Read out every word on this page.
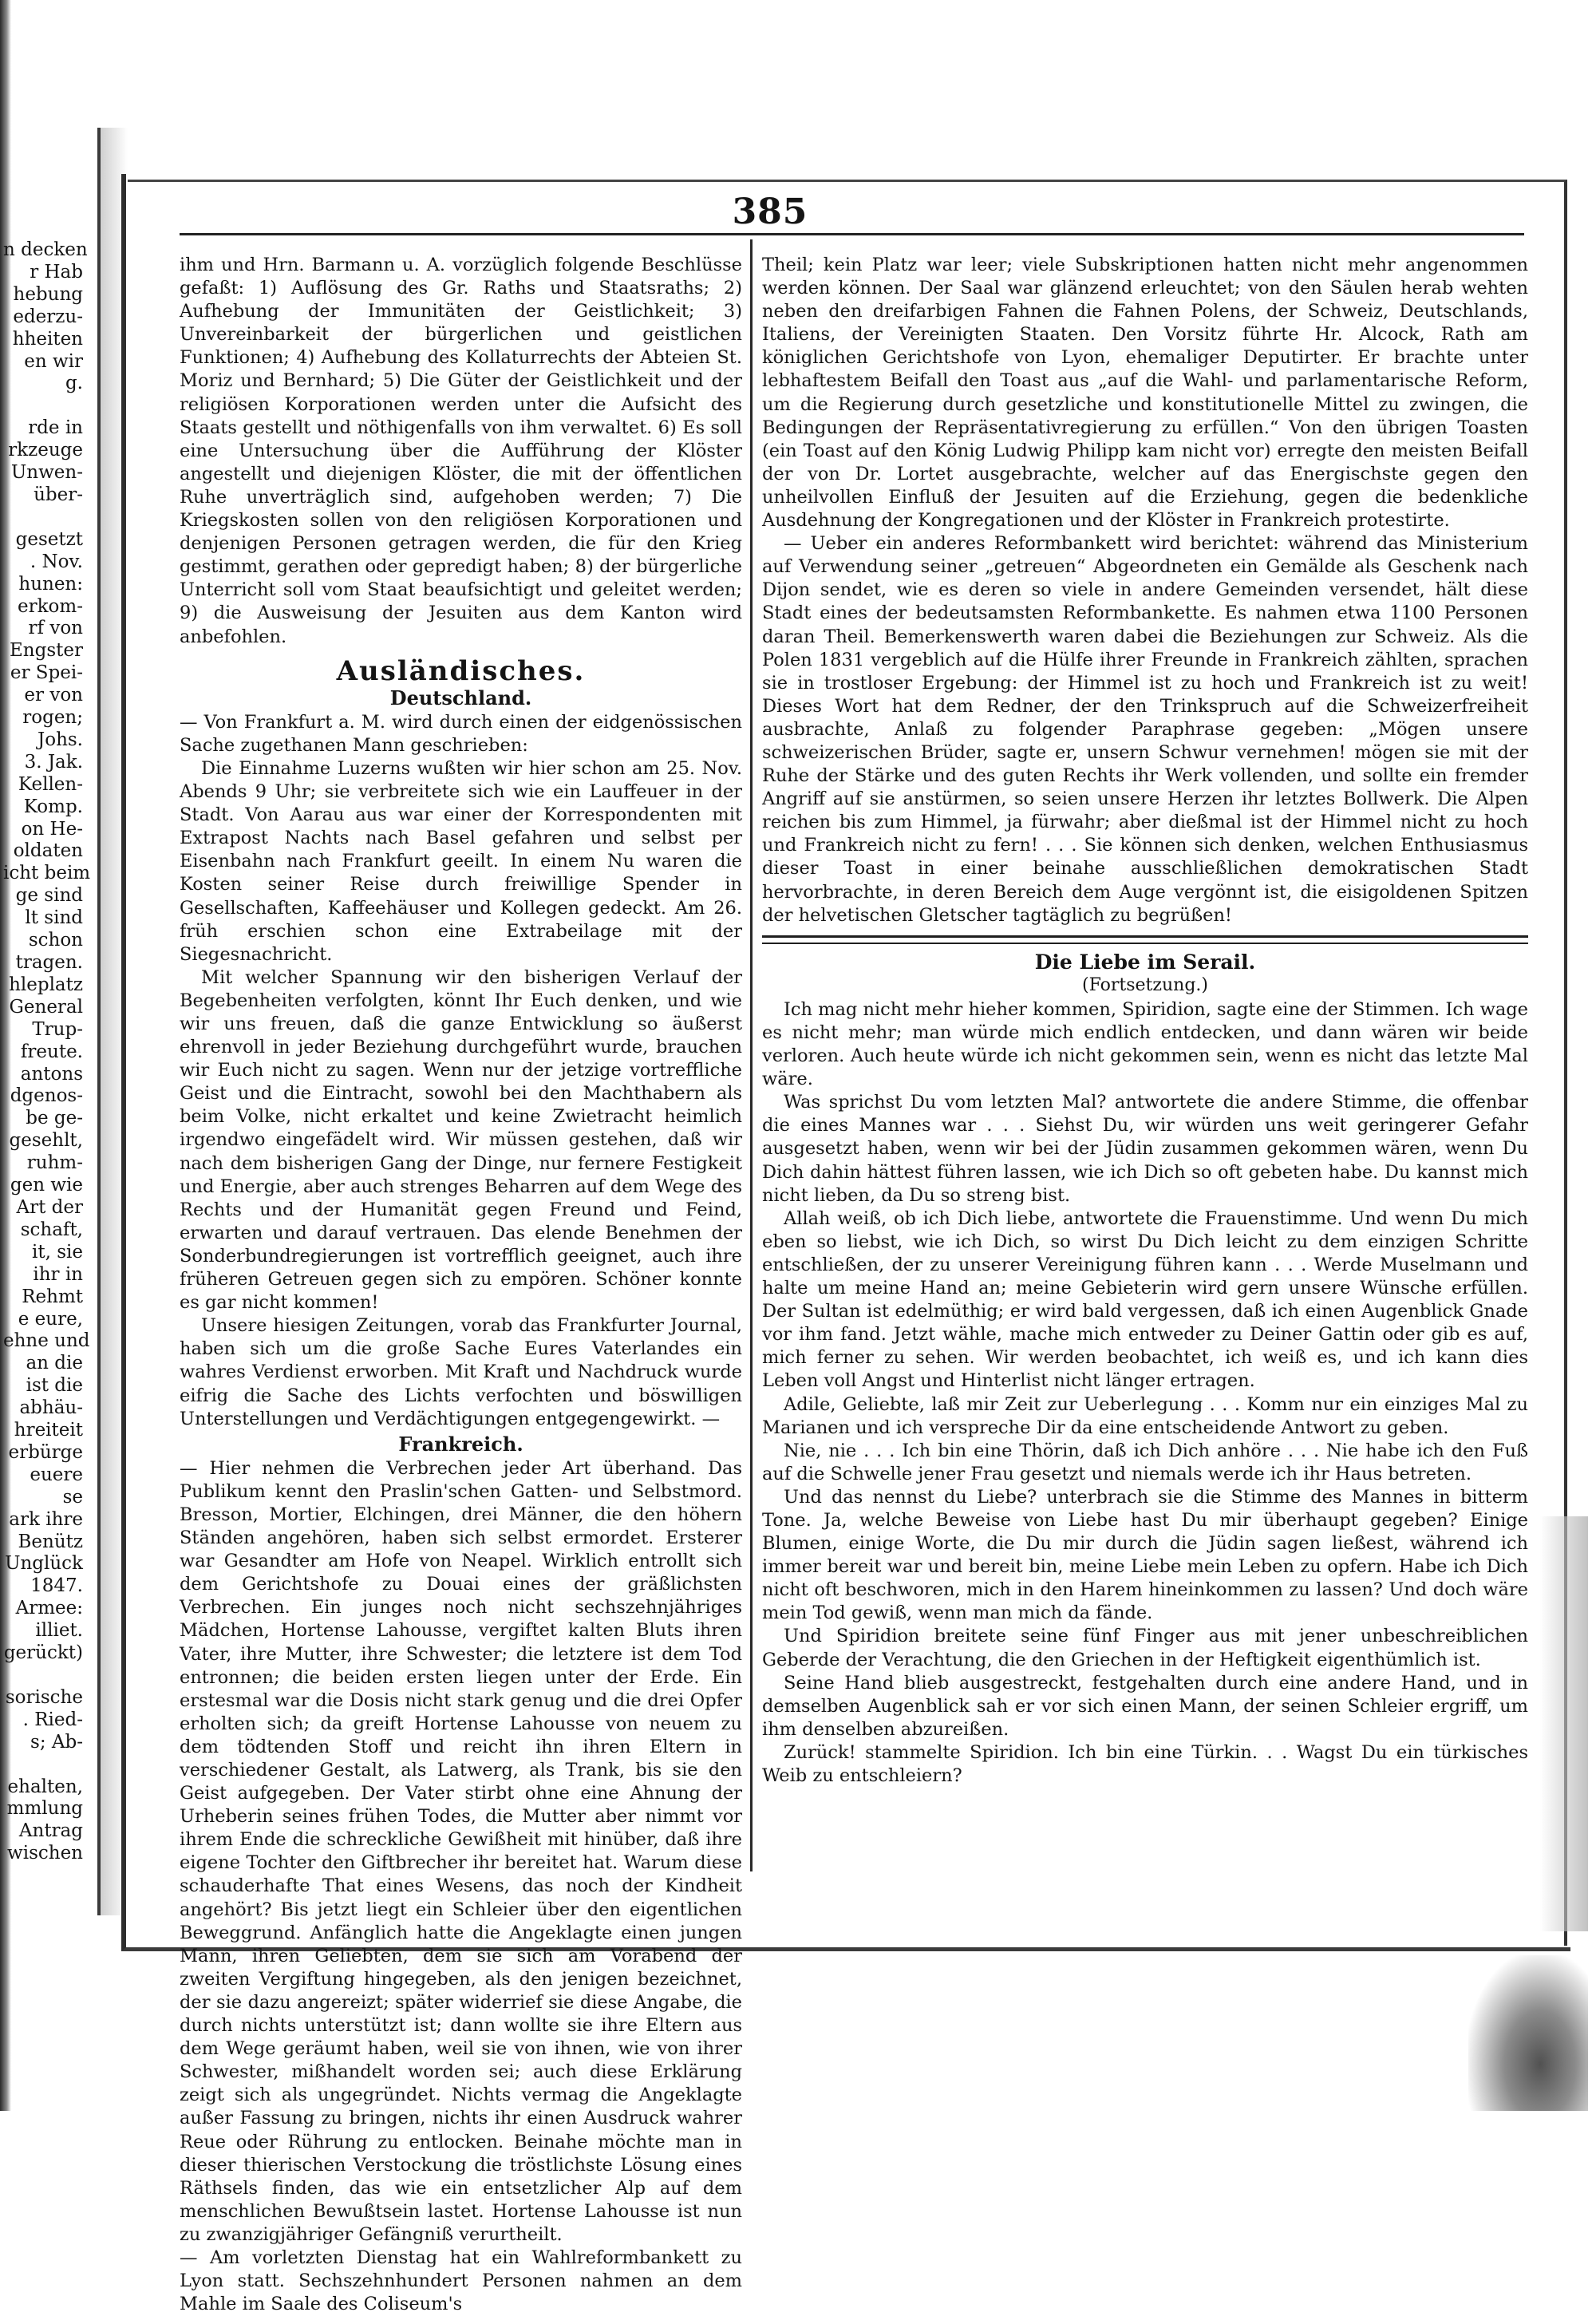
n decken
r Hab
hebung
ederzu-
hheiten
en wir
g.

rde in
rkzeuge
Unwen-
über-

gesetzt
. Nov.
hunen:
erkom-
rf von
Engster
er Spei-
er von
rogen;
Johs.
3. Jak.
Kellen-
Komp.
on He-
oldaten
icht beim
ge sind
lt sind
schon
tragen.
hleplatz
General
Trup-
freute.
antons
dgenos-
be ge-
gesehlt,
ruhm-
gen wie
Art der
schaft,
it, sie
ihr in
Rehmt
e eure,
ehne und
an die
ist die
abhäu-
hreiteit
erbürge
euere
se
ark ihre
Benütz
Unglück
1847.
Armee:
illiet.
gerückt)

sorische
. Ried-
s; Ab-

ehalten,
mmlung
Antrag
wischen
385

ihm und Hrn. Barmann u. A. vorzüglich folgende Beschlüsse gefaßt: 1) Auflösung des Gr. Raths und Staatsraths; 2) Aufhebung der Immunitäten der Geistlichkeit; 3) Unvereinbarkeit der bürgerlichen und geistlichen Funktionen; 4) Aufhebung des Kollaturrechts der Abteien St. Moriz und Bernhard; 5) Die Güter der Geistlichkeit und der religiösen Korporationen werden unter die Aufsicht des Staats gestellt und nöthigenfalls von ihm verwaltet. 6) Es soll eine Untersuchung über die Aufführung der Klöster angestellt und diejenigen Klöster, die mit der öffentlichen Ruhe unverträglich sind, aufgehoben werden; 7) Die Kriegskosten sollen von den religiösen Korporationen und denjenigen Personen getragen werden, die für den Krieg gestimmt, gerathen oder gepredigt haben; 8) der bürgerliche Unterricht soll vom Staat beaufsichtigt und geleitet werden; 9) die Ausweisung der Jesuiten aus dem Kanton wird anbefohlen.

Ausländisches.
Deutschland.

— Von Frankfurt a. M. wird durch einen der eidgenössischen Sache zugethanen Mann geschrieben:

Die Einnahme Luzerns wußten wir hier schon am 25. Nov. Abends 9 Uhr; sie verbreitete sich wie ein Lauffeuer in der Stadt. Von Aarau aus war einer der Korrespondenten mit Extrapost Nachts nach Basel gefahren und selbst per Eisenbahn nach Frankfurt geeilt. In einem Nu waren die Kosten seiner Reise durch freiwillige Spender in Gesellschaften, Kaffeehäuser und Kollegen gedeckt. Am 26. früh erschien schon eine Extrabeilage mit der Siegesnachricht.

Mit welcher Spannung wir den bisherigen Verlauf der Begebenheiten verfolgten, könnt Ihr Euch denken, und wie wir uns freuen, daß die ganze Entwicklung so äußerst ehrenvoll in jeder Beziehung durchgeführt wurde, brauchen wir Euch nicht zu sagen. Wenn nur der jetzige vortreffliche Geist und die Eintracht, sowohl bei den Machthabern als beim Volke, nicht erkaltet und keine Zwietracht heimlich irgendwo eingefädelt wird. Wir müssen gestehen, daß wir nach dem bisherigen Gang der Dinge, nur fernere Festigkeit und Energie, aber auch strenges Beharren auf dem Wege des Rechts und der Humanität gegen Freund und Feind, erwarten und darauf vertrauen. Das elende Benehmen der Sonderbundregierungen ist vortrefflich geeignet, auch ihre früheren Getreuen gegen sich zu empören. Schöner konnte es gar nicht kommen!

Unsere hiesigen Zeitungen, vorab das Frankfurter Journal, haben sich um die große Sache Eures Vaterlandes ein wahres Verdienst erworben. Mit Kraft und Nachdruck wurde eifrig die Sache des Lichts verfochten und böswilligen Unterstellungen und Verdächtigungen entgegengewirkt. —

Frankreich.

— Hier nehmen die Verbrechen jeder Art überhand. Das Publikum kennt den Praslin'schen Gatten- und Selbstmord. Bresson, Mortier, Elchingen, drei Männer, die den höhern Ständen angehören, haben sich selbst ermordet. Ersterer war Gesandter am Hofe von Neapel. Wirklich entrollt sich dem Gerichtshofe zu Douai eines der gräßlichsten Verbrechen. Ein junges noch nicht sechszehnjähriges Mädchen, Hortense Lahousse, vergiftet kalten Bluts ihren Vater, ihre Mutter, ihre Schwester; die letztere ist dem Tod entronnen; die beiden ersten liegen unter der Erde. Ein erstesmal war die Dosis nicht stark genug und die drei Opfer erholten sich; da greift Hortense Lahousse von neuem zu dem tödtenden Stoff und reicht ihn ihren Eltern in verschiedener Gestalt, als Latwerg, als Trank, bis sie den Geist aufgegeben. Der Vater stirbt ohne eine Ahnung der Urheberin seines frühen Todes, die Mutter aber nimmt vor ihrem Ende die schreckliche Gewißheit mit hinüber, daß ihre eigene Tochter den Giftbrecher ihr bereitet hat. Warum diese schauderhafte That eines Wesens, das noch der Kindheit angehört? Bis jetzt liegt ein Schleier über den eigentlichen Beweggrund. Anfänglich hatte die Angeklagte einen jungen Mann, ihren Geliebten, dem sie sich am Vorabend der zweiten Vergiftung hingegeben, als den jenigen bezeichnet, der sie dazu angereizt; später widerrief sie diese Angabe, die durch nichts unterstützt ist; dann wollte sie ihre Eltern aus dem Wege geräumt haben, weil sie von ihnen, wie von ihrer Schwester, mißhandelt worden sei; auch diese Erklärung zeigt sich als ungegründet. Nichts vermag die Angeklagte außer Fassung zu bringen, nichts ihr einen Ausdruck wahrer Reue oder Rührung zu entlocken. Beinahe möchte man in dieser thierischen Verstockung die tröstlichste Lösung eines Räthsels finden, das wie ein entsetzlicher Alp auf dem menschlichen Bewußtsein lastet. Hortense Lahousse ist nun zu zwanzigjähriger Gefängniß verurtheilt.

— Am vorletzten Dienstag hat ein Wahlreformbankett zu Lyon statt. Sechszehnhundert Personen nahmen an dem Mahle im Saale des Coliseum's

Theil; kein Platz war leer; viele Subskriptionen hatten nicht mehr angenommen werden können. Der Saal war glänzend erleuchtet; von den Säulen herab wehten neben den dreifarbigen Fahnen die Fahnen Polens, der Schweiz, Deutschlands, Italiens, der Vereinigten Staaten. Den Vorsitz führte Hr. Alcock, Rath am königlichen Gerichtshofe von Lyon, ehemaliger Deputirter. Er brachte unter lebhaftestem Beifall den Toast aus „auf die Wahl- und parlamentarische Reform, um die Regierung durch gesetzliche und konstitutionelle Mittel zu zwingen, die Bedingungen der Repräsentativregierung zu erfüllen.“ Von den übrigen Toasten (ein Toast auf den König Ludwig Philipp kam nicht vor) erregte den meisten Beifall der von Dr. Lortet ausgebrachte, welcher auf das Energischste gegen den unheilvollen Einfluß der Jesuiten auf die Erziehung, gegen die bedenkliche Ausdehnung der Kongregationen und der Klöster in Frankreich protestirte.

— Ueber ein anderes Reformbankett wird berichtet: während das Ministerium auf Verwendung seiner „getreuen“ Abgeordneten ein Gemälde als Geschenk nach Dijon sendet, wie es deren so viele in andere Gemeinden versendet, hält diese Stadt eines der bedeutsamsten Reformbankette. Es nahmen etwa 1100 Personen daran Theil. Bemerkenswerth waren dabei die Beziehungen zur Schweiz. Als die Polen 1831 vergeblich auf die Hülfe ihrer Freunde in Frankreich zählten, sprachen sie in trostloser Ergebung: der Himmel ist zu hoch und Frankreich ist zu weit! Dieses Wort hat dem Redner, der den Trinkspruch auf die Schweizerfreiheit ausbrachte, Anlaß zu folgender Paraphrase gegeben: „Mögen unsere schweizerischen Brüder, sagte er, unsern Schwur vernehmen! mögen sie mit der Ruhe der Stärke und des guten Rechts ihr Werk vollenden, und sollte ein fremder Angriff auf sie anstürmen, so seien unsere Herzen ihr letztes Bollwerk. Die Alpen reichen bis zum Himmel, ja fürwahr; aber dießmal ist der Himmel nicht zu hoch und Frankreich nicht zu fern! . . . Sie können sich denken, welchen Enthusiasmus dieser Toast in einer beinahe ausschließlichen demokratischen Stadt hervorbrachte, in deren Bereich dem Auge vergönnt ist, die eisigoldenen Spitzen der helvetischen Gletscher tagtäglich zu begrüßen!

Die Liebe im Serail.
(Fortsetzung.)

Ich mag nicht mehr hieher kommen, Spiridion, sagte eine der Stimmen. Ich wage es nicht mehr; man würde mich endlich entdecken, und dann wären wir beide verloren. Auch heute würde ich nicht gekommen sein, wenn es nicht das letzte Mal wäre.

Was sprichst Du vom letzten Mal? antwortete die andere Stimme, die offenbar die eines Mannes war . . . Siehst Du, wir würden uns weit geringerer Gefahr ausgesetzt haben, wenn wir bei der Jüdin zusammen gekommen wären, wenn Du Dich dahin hättest führen lassen, wie ich Dich so oft gebeten habe. Du kannst mich nicht lieben, da Du so streng bist.

Allah weiß, ob ich Dich liebe, antwortete die Frauenstimme. Und wenn Du mich eben so liebst, wie ich Dich, so wirst Du Dich leicht zu dem einzigen Schritte entschließen, der zu unserer Vereinigung führen kann . . . Werde Muselmann und halte um meine Hand an; meine Gebieterin wird gern unsere Wünsche erfüllen. Der Sultan ist edelmüthig; er wird bald vergessen, daß ich einen Augenblick Gnade vor ihm fand. Jetzt wähle, mache mich entweder zu Deiner Gattin oder gib es auf, mich ferner zu sehen. Wir werden beobachtet, ich weiß es, und ich kann dies Leben voll Angst und Hinterlist nicht länger ertragen.

Adile, Geliebte, laß mir Zeit zur Ueberlegung . . . Komm nur ein einziges Mal zu Marianen und ich versprechе Dir da eine entscheidende Antwort zu geben.

Nie, nie . . . Ich bin eine Thörin, daß ich Dich anhöre . . . Nie habe ich den Fuß auf die Schwelle jener Frau gesetzt und niemals werde ich ihr Haus betreten.

Und das nennst du Liebe? unterbrach sie die Stimme des Mannes in bitterm Tone. Ja, welche Beweise von Liebe hast Du mir überhaupt gegeben? Einige Blumen, einige Worte, die Du mir durch die Jüdin sagen ließest, während ich immer bereit war und bereit bin, meine Liebe mein Leben zu opfern. Habe ich Dich nicht oft beschworen, mich in den Harem hineinkommen zu lassen? Und doch wäre mein Tod gewiß, wenn man mich da fände.

Und Spiridion breitete seine fünf Finger aus mit jener unbeschreiblichen Geberde der Verachtung, die den Griechen in der Heftigkeit eigenthümlich ist.

Seine Hand blieb ausgestreckt, festgehalten durch eine andere Hand, und in demselben Augenblick sah er vor sich einen Mann, der seinen Schleier ergriff, um ihm denselben abzureißen.

Zurück! stammelte Spiridion. Ich bin eine Türkin. . . Wagst Du ein türkisches Weib zu entschleiern?
